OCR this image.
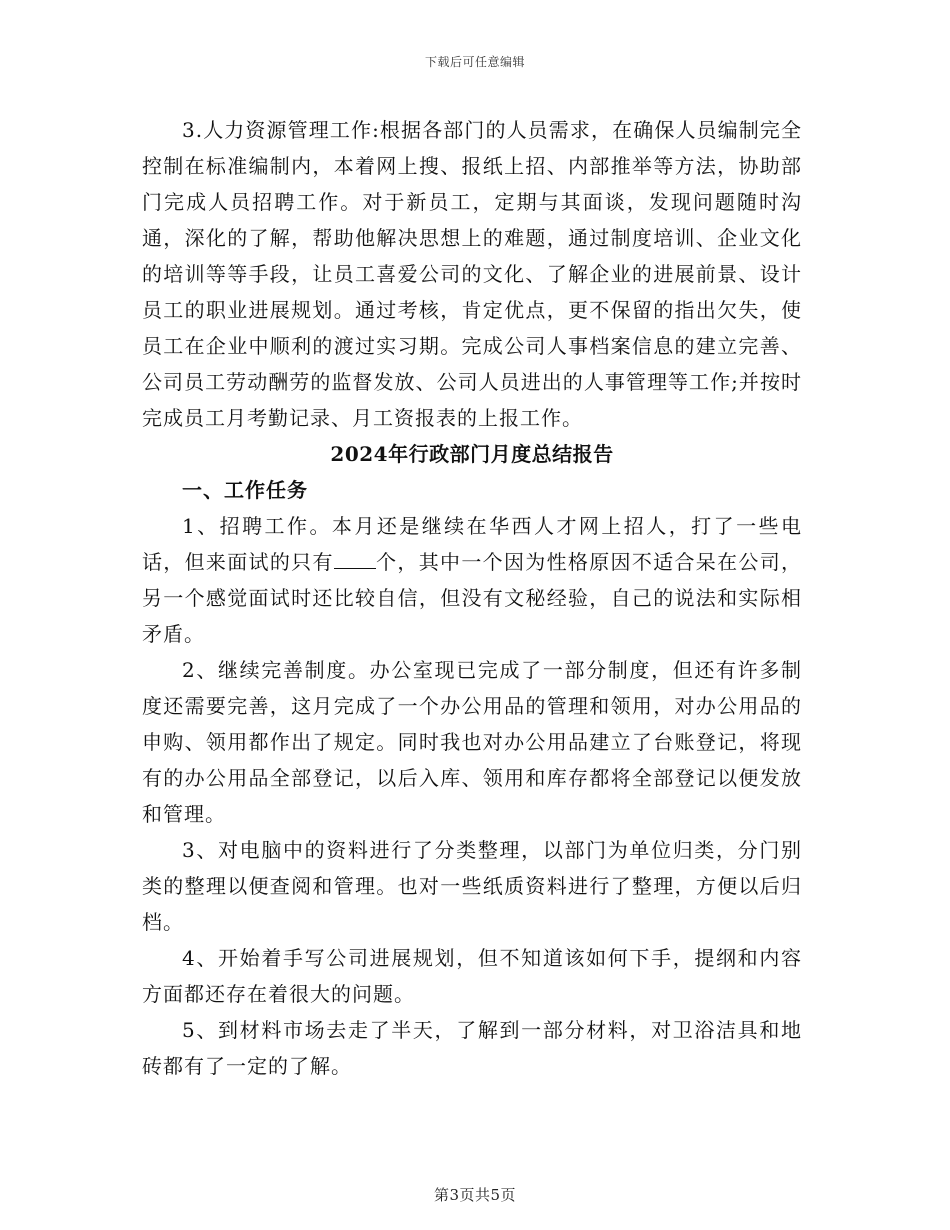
下载后可任意编辑

3.人力资源管理工作:根据各部门的人员需求，在确保人员编制完全控制在标准编制内，本着网上搜、报纸上招、内部推举等方法，协助部门完成人员招聘工作。对于新员工，定期与其面谈，发现问题随时沟通，深化的了解，帮助他解决思想上的难题，通过制度培训、企业文化的培训等等手段，让员工喜爱公司的文化、了解企业的进展前景、设计员工的职业进展规划。通过考核，肯定优点，更不保留的指出欠失，使员工在企业中顺利的渡过实习期。完成公司人事档案信息的建立完善、公司员工劳动酬劳的监督发放、公司人员进出的人事管理等工作;并按时完成员工月考勤记录、月工资报表的上报工作。

2024年行政部门月度总结报告

一、工作任务

1、招聘工作。本月还是继续在华西人才网上招人，打了一些电话，但来面试的只有 个，其中一个因为性格原因不适合呆在公司，另一个感觉面试时还比较自信，但没有文秘经验，自己的说法和实际相矛盾。

2、继续完善制度。办公室现已完成了一部分制度，但还有许多制度还需要完善，这月完成了一个办公用品的管理和领用，对办公用品的申购、领用都作出了规定。同时我也对办公用品建立了台账登记，将现有的办公用品全部登记，以后入库、领用和库存都将全部登记以便发放和管理。

3、对电脑中的资料进行了分类整理，以部门为单位归类，分门别类的整理以便查阅和管理。也对一些纸质资料进行了整理，方便以后归档。

4、开始着手写公司进展规划，但不知道该如何下手，提纲和内容方面都还存在着很大的问题。

5、到材料市场去走了半天，了解到一部分材料，对卫浴洁具和地砖都有了一定的了解。

第3页共5页
